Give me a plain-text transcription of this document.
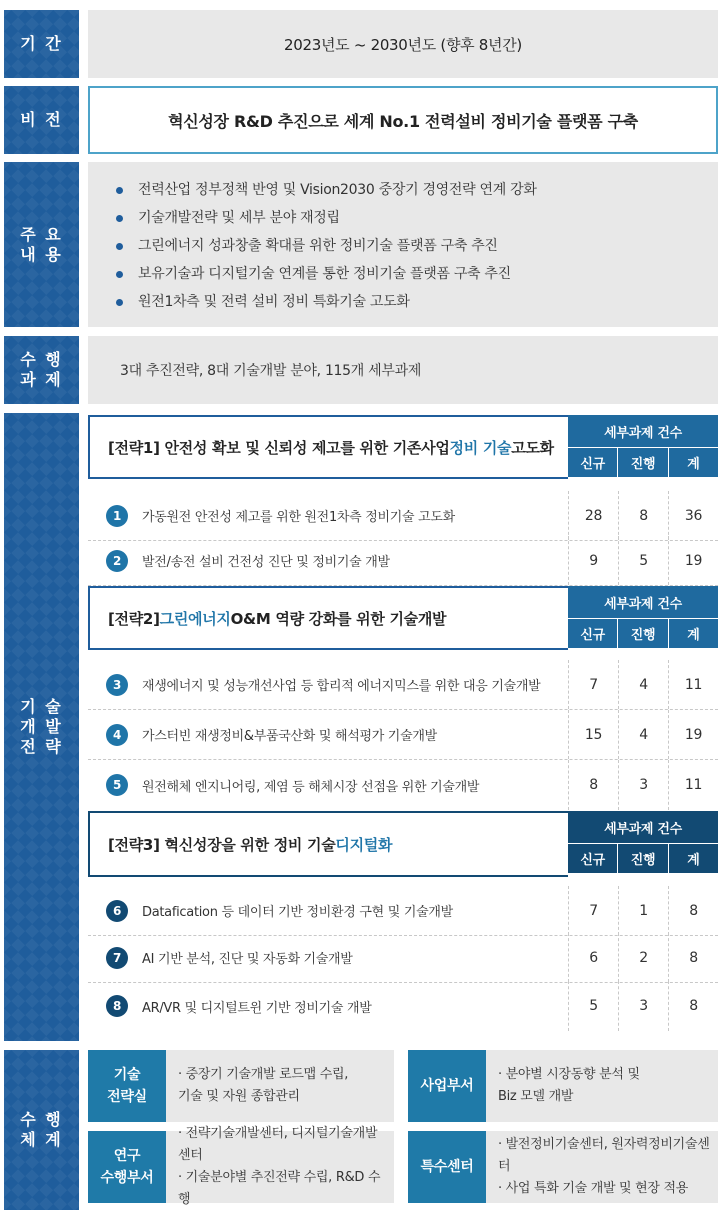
기 간	2023년도 ~ 2030년도 (향후 8년간)
비 전	혁신성장 R&D 추진으로 세계 No.1 전력설비 정비기술 플랫폼 구축
주 요
내 용
전력산업 정부정책 반영 및 Vision2030 중장기 경영전략 연계 강화
기술개발전략 및 세부 분야 재정립
그린에너지 성과창출 확대를 위한 정비기술 플랫폼 구축 추진
보유기술과 디지털기술 연계를 통한 정비기술 플랫폼 구축 추진
원전1차측 및 전력 설비 정비 특화기술 고도화
수 행
과 제	3대 추진전략, 8대 기술개발 분야, 115개 세부과제
기 술
개 발
전 략
[전략1] 안전성 확보 및 신뢰성 제고를 위한 기존사업 정비 기술 고도화
세부과제 건수
신규	진행	계
1	가동원전 안전성 제고를 위한 원전1차측 정비기술 고도화	28	8	36
2	발전/송전 설비 건전성 진단 및 정비기술 개발	9	5	19
[전략2] 그린에너지 O&M 역량 강화를 위한 기술개발
세부과제 건수
신규	진행	계
3	재생에너지 및 성능개선사업 등 합리적 에너지믹스를 위한 대응 기술개발	7	4	11
4	가스터빈 재생정비&부품국산화 및 해석평가 기술개발	15	4	19
5	원전해체 엔지니어링, 제염 등 해체시장 선점을 위한 기술개발	8	3	11
[전략3] 혁신성장을 위한 정비 기술 디지털화
세부과제 건수
신규	진행	계
6	Datafication 등 데이터 기반 정비환경 구현 및 기술개발	7	1	8
7	AI 기반 분석, 진단 및 자동화 기술개발	6	2	8
8	AR/VR 및 디지털트윈 기반 정비기술 개발	5	3	8
수 행
체 계
기술
전략실
· 중장기 기술개발 로드맵 수립,
기술 및 자원 종합관리
사업부서
· 분야별 시장동향 분석 및
Biz 모델 개발
연구
수행부서
· 전략기술개발센터, 디지털기술개발센터
· 기술분야별 추진전략 수립, R&D 수행
특수센터
· 발전정비기술센터, 원자력정비기술센터
· 사업 특화 기술 개발 및 현장 적용
